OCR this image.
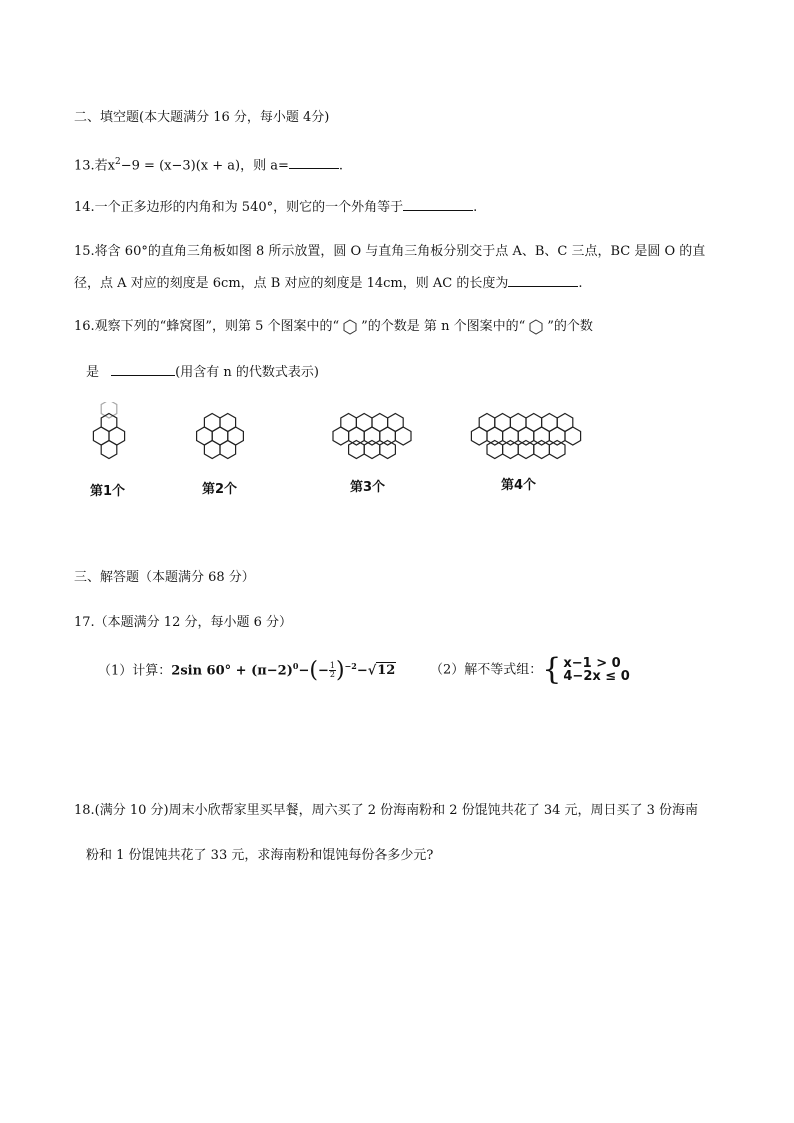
二、填空题(本大题满分 16 分，每小题 4分)
13.若$x^2-9 = (x-3)(x + a)$，则 a=	.
14.一个正多边形的内角和为 540°，则它的一个外角等于	.
15.将含 60°的直角三角板如图 8 所示放置，圆 O 与直角三角板分别交于点 A、B、C 三点，BC 是圆 O 的直
径，点 A 对应的刻度是 6cm，点 B 对应的刻度是 14cm，则 AC 的长度为	.
16.观察下列的“蜂窝图”，则第 5 个图案中的“ ”的个数是 第 n 个图案中的“ ”的个数
是	(用含有 n 的代数式表示)
第1个	第2个	第3个	第4个
三、解答题（本题满分 68 分）
17.（本题满分 12 分，每小题 6 分）
（1）计算：2sin $60^\circ + (\pi-2)^0-(- \frac{1}{2} )^{-2}-√12$	（2）解不等式组：{ x−1 > 0
4−2x ≤ 0
18.(满分 10 分)周末小欣帮家里买早餐，周六买了 2 份海南粉和 2 份馄饨共花了 34 元，周日买了 3 份海南
粉和 1 份馄饨共花了 33 元，求海南粉和馄饨每份各多少元?
